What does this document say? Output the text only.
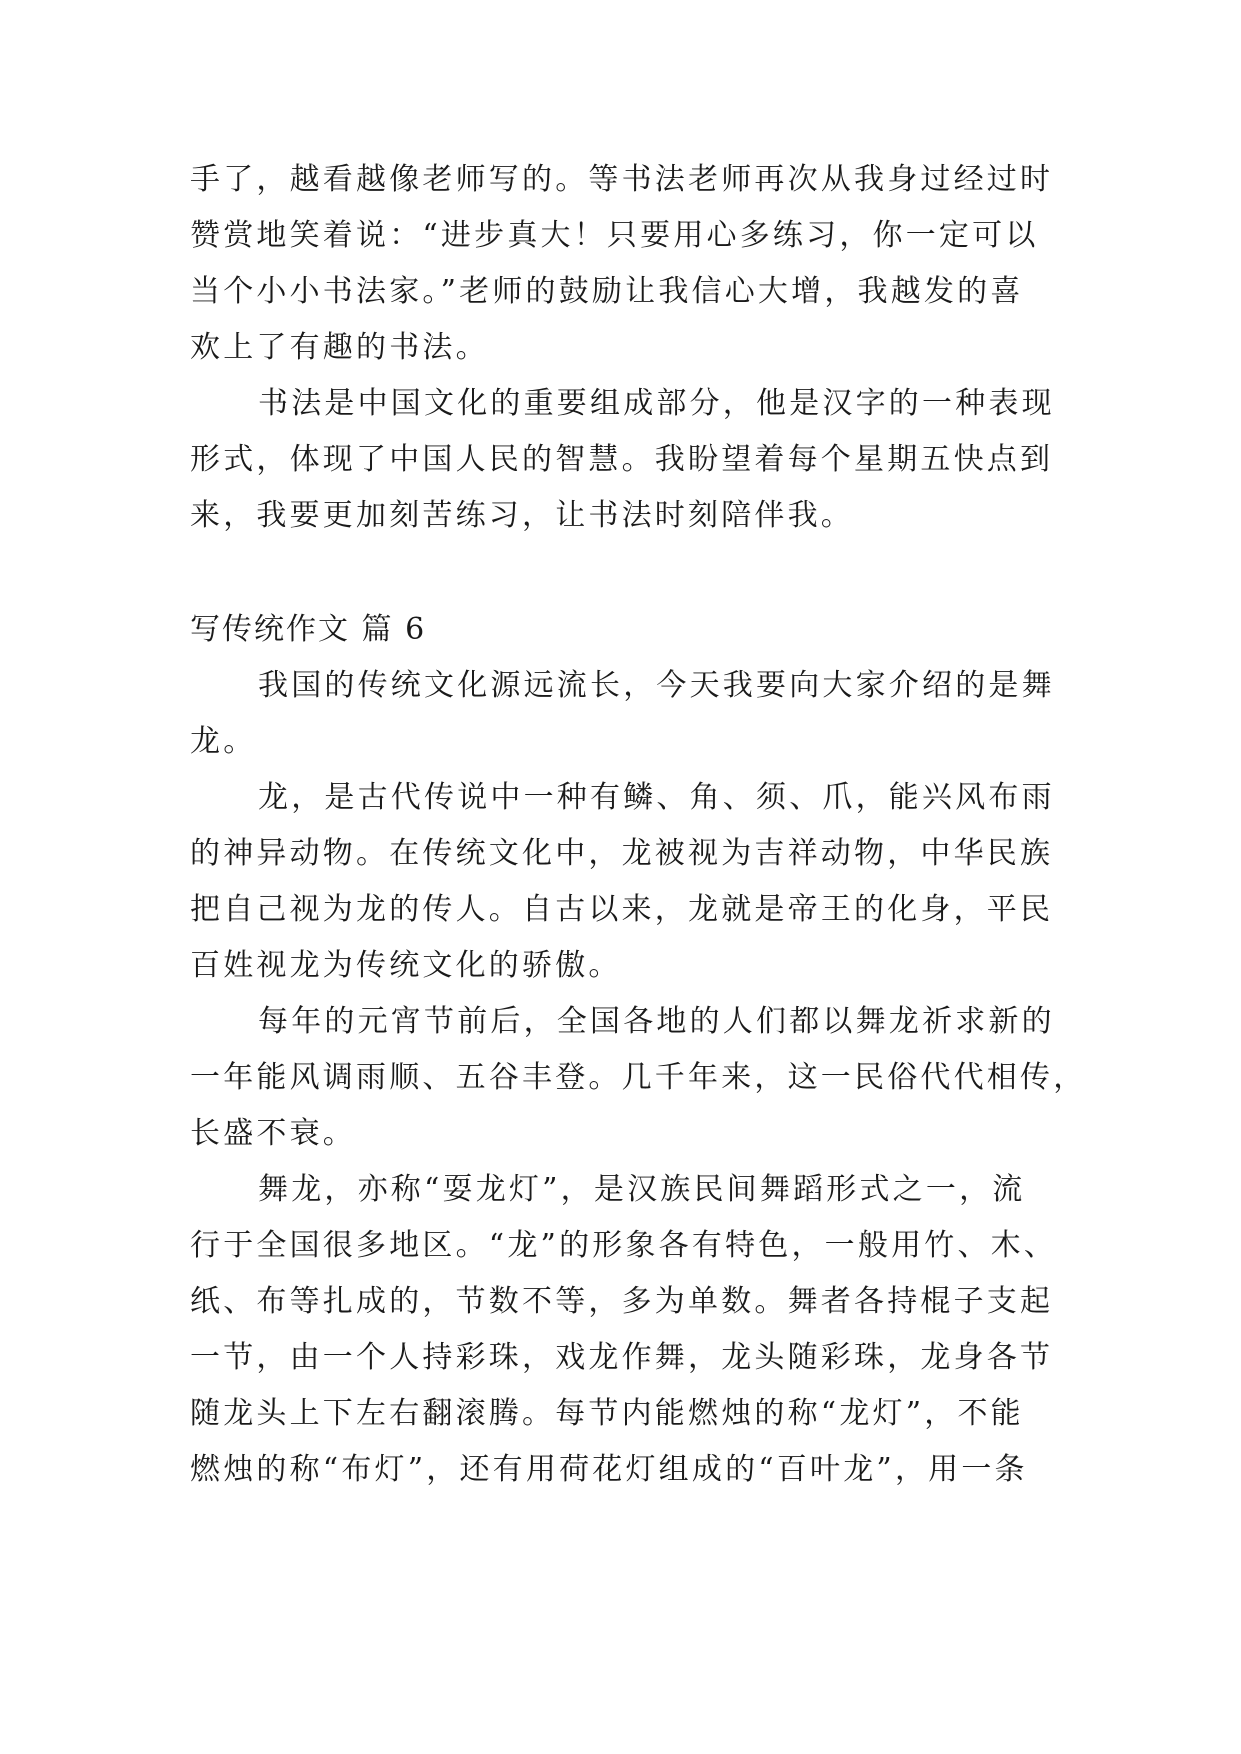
手了，越看越像老师写的。等书法老师再次从我身过经过时
赞赏地笑着说：“进步真大！只要用心多练习，你一定可以
当个小小书法家。”老师的鼓励让我信心大增，我越发的喜
欢上了有趣的书法。
书法是中国文化的重要组成部分，他是汉字的一种表现
形式，体现了中国人民的智慧。我盼望着每个星期五快点到
来，我要更加刻苦练习，让书法时刻陪伴我。
写传统作文 篇 6
我国的传统文化源远流长，今天我要向大家介绍的是舞
龙。
龙，是古代传说中一种有鳞、角、须、爪，能兴风布雨
的神异动物。在传统文化中，龙被视为吉祥动物，中华民族
把自己视为龙的传人。自古以来，龙就是帝王的化身，平民
百姓视龙为传统文化的骄傲。
每年的元宵节前后，全国各地的人们都以舞龙祈求新的
一年能风调雨顺、五谷丰登。几千年来，这一民俗代代相传，
长盛不衰。
舞龙，亦称“耍龙灯”，是汉族民间舞蹈形式之一，流
行于全国很多地区。“龙”的形象各有特色，一般用竹、木、
纸、布等扎成的，节数不等，多为单数。舞者各持棍子支起
一节，由一个人持彩珠，戏龙作舞，龙头随彩珠，龙身各节
随龙头上下左右翻滚腾。每节内能燃烛的称“龙灯”，不能
燃烛的称“布灯”，还有用荷花灯组成的“百叶龙”，用一条
